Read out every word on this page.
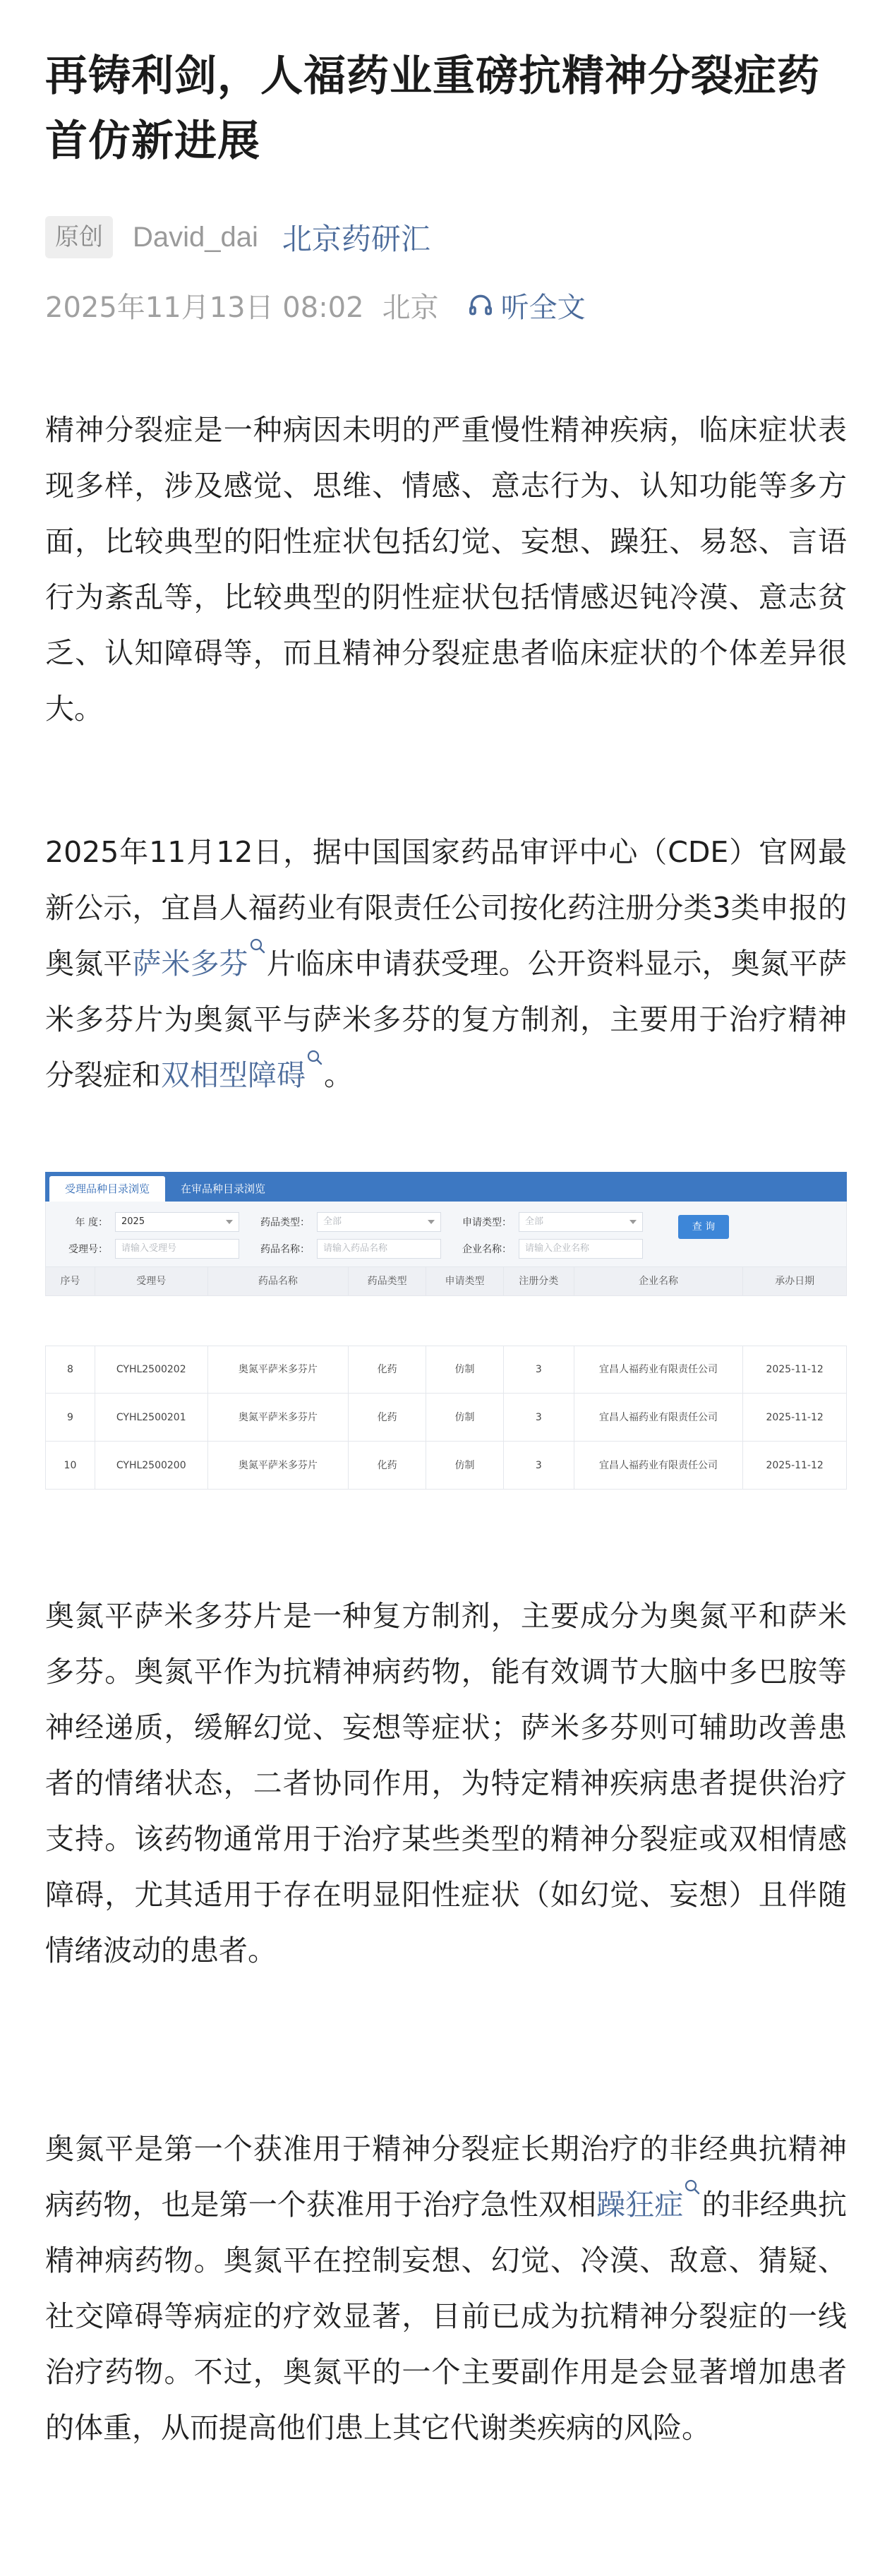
再铸利剑，人福药业重磅抗精神分裂症药首仿新进展
原创	David_dai 北京药研汇
2025年11月13日 08:02 北京 听全文

精神分裂症是一种病因未明的严重慢性精神疾病，临床症状表现多样，涉及感觉、思维、情感、意志行为、认知功能等多方面，比较典型的阳性症状包括幻觉、妄想、躁狂、易怒、言语行为紊乱等，比较典型的阴性症状包括情感迟钝冷漠、意志贫乏、认知障碍等，而且精神分裂症患者临床症状的个体差异很大。

2025年11月12日，据中国国家药品审评中心（CDE）官网最新公示，宜昌人福药业有限责任公司按化药注册分类3类申报的奥氮平萨米多芬 片临床申请获受理。公开资料显示，奥氮平萨米多芬片为奥氮平与萨米多芬的复方制剂，主要用于治疗精神分裂症和双相型障碍 。

受理品种目录浏览	在审品种目录浏览
年 度：	2025	药品类型：	全部	申请类型：	全部	查 询
受理号：	请输入受理号	药品名称：	请输入药品名称	企业名称：	请输入企业名称
序号	受理号	药品名称	药品类型	申请类型	注册分类	企业名称	承办日期
8	CYHL2500202	奥氮平萨米多芬片	化药	仿制	3	宜昌人福药业有限责任公司	2025-11-12
9	CYHL2500201	奥氮平萨米多芬片	化药	仿制	3	宜昌人福药业有限责任公司	2025-11-12
10	CYHL2500200	奥氮平萨米多芬片	化药	仿制	3	宜昌人福药业有限责任公司	2025-11-12

奥氮平萨米多芬片是一种复方制剂，主要成分为奥氮平和萨米多芬。奥氮平作为抗精神病药物，能有效调节大脑中多巴胺等神经递质，缓解幻觉、妄想等症状；萨米多芬则可辅助改善患者的情绪状态，二者协同作用，为特定精神疾病患者提供治疗支持。该药物通常用于治疗某些类型的精神分裂症或双相情感障碍，尤其适用于存在明显阳性症状（如幻觉、妄想）且伴随情绪波动的患者。

奥氮平是第一个获准用于精神分裂症长期治疗的非经典抗精神病药物，也是第一个获准用于治疗急性双相躁狂症 的非经典抗精神病药物。奥氮平在控制妄想、幻觉、冷漠、敌意、猜疑、社交障碍等病症的疗效显著，目前已成为抗精神分裂症的一线治疗药物。不过，奥氮平的一个主要副作用是会显著增加患者的体重，从而提高他们患上其它代谢类疾病的风险。
